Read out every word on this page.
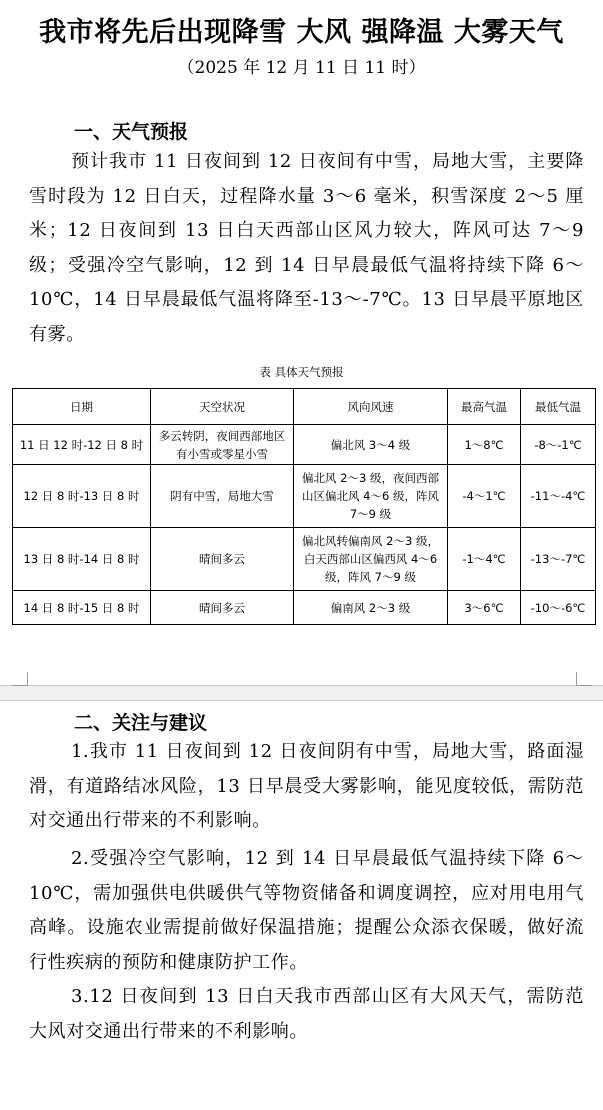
我市将先后出现降雪 大风 强降温 大雾天气
（2025 年 12 月 11 日 11 时）
一、天气预报
预计我市 11 日夜间到 12 日夜间有中雪，局地大雪，主要降雪时段为 12 日白天，过程降水量 3～6 毫米，积雪深度 2～5 厘米；12 日夜间到 13 日白天西部山区风力较大，阵风可达 7～9 级；受强冷空气影响，12 到 14 日早晨最低气温将持续下降 6～10℃，14 日早晨最低气温将降至-13～-7℃。13 日早晨平原地区有雾。
表 具体天气预报
日期	天空状况	风向风速	最高气温	最低气温
11 日 12 时-12 日 8 时	多云转阴，夜间西部地区有小雪或零星小雪	偏北风 3～4 级	1～8℃	-8～-1℃
12 日 8 时-13 日 8 时	阴有中雪，局地大雪	偏北风 2～3 级，夜间西部山区偏北风 4～6 级，阵风 7～9 级	-4～1℃	-11～-4℃
13 日 8 时-14 日 8 时	晴间多云	偏北风转偏南风 2～3 级，白天西部山区偏西风 4～6 级，阵风 7～9 级	-1～4℃	-13～-7℃
14 日 8 时-15 日 8 时	晴间多云	偏南风 2～3 级	3～6℃	-10～-6℃
二、关注与建议
1.我市 11 日夜间到 12 日夜间阴有中雪，局地大雪，路面湿滑，有道路结冰风险，13 日早晨受大雾影响，能见度较低，需防范对交通出行带来的不利影响。
2.受强冷空气影响，12 到 14 日早晨最低气温持续下降 6～10℃，需加强供电供暖供气等物资储备和调度调控，应对用电用气高峰。设施农业需提前做好保温措施；提醒公众添衣保暖，做好流行性疾病的预防和健康防护工作。
3.12 日夜间到 13 日白天我市西部山区有大风天气，需防范大风对交通出行带来的不利影响。
